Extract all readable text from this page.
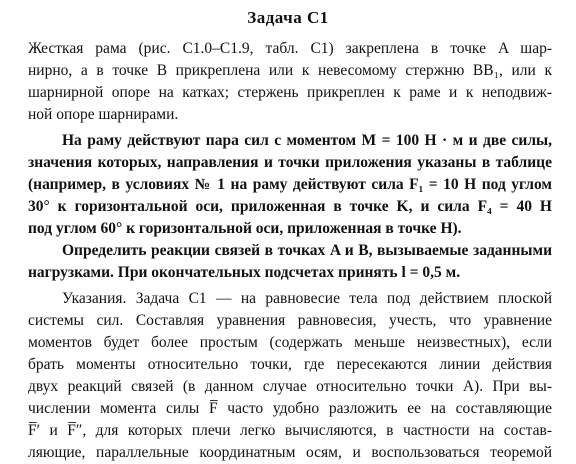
Задача С1
Жесткая рама (рис. С1.0–С1.9, табл. С1) закреплена в точке A шар-
нирно, а в точке B прикреплена или к невесомому стержню BB₁, или к
шарнирной опоре на катках; стержень прикреплен к раме и к неподвиж-
ной опоре шарнирами.
На раму действуют пара сил с моментом M = 100 Н · м и две силы,
значения которых, направления и точки приложения указаны в таблице
(например, в условиях № 1 на раму действуют сила F₁ = 10 Н под углом
30° к горизонтальной оси, приложенная в точке K, и сила F₄ = 40 Н
под углом 60° к горизонтальной оси, приложенная в точке H).
Определить реакции связей в точках A и B, вызываемые заданными
нагрузками. При окончательных подсчетах принять l = 0,5 м.
Указания. Задача С1 — на равновесие тела под действием плоской
системы сил. Составляя уравнения равновесия, учесть, что уравнение
моментов будет более простым (содержать меньше неизвестных), если
брать моменты относительно точки, где пересекаются линии действия
двух реакций связей (в данном случае относительно точки A). При вы-
числении момента силы F̅ часто удобно разложить ее на составляющие
F̅′ и F̅″, для которых плечи легко вычисляются, в частности на состав-
ляющие, параллельные координатным осям, и воспользоваться теоремой
